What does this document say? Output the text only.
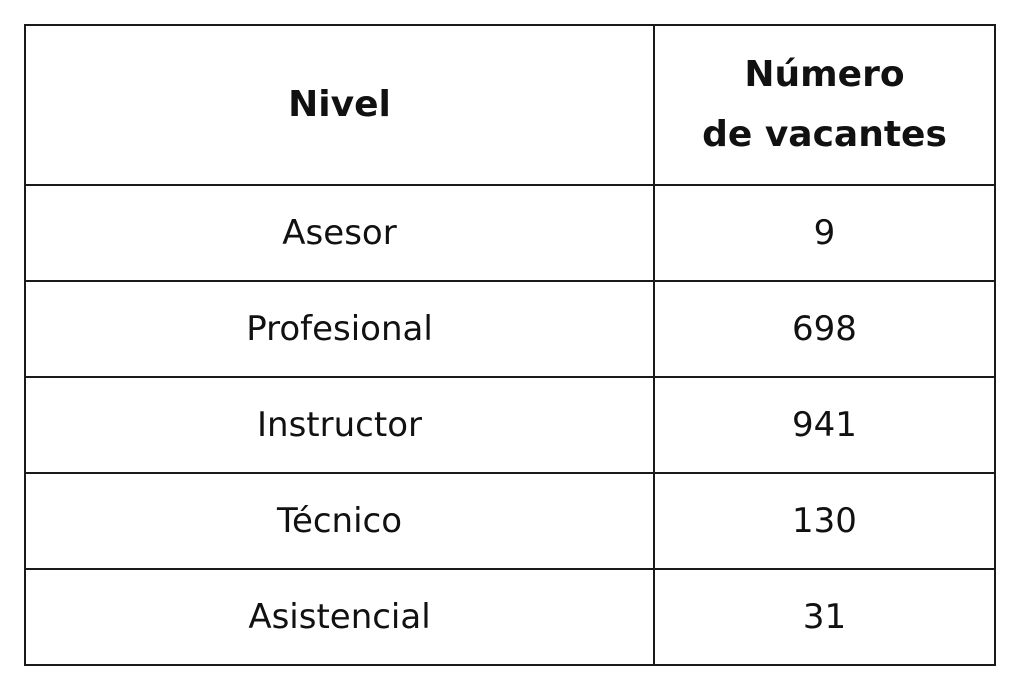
Nivel	Número
de vacantes

Asesor	9
Profesional	698
Instructor	941
Técnico	130
Asistencial	31
